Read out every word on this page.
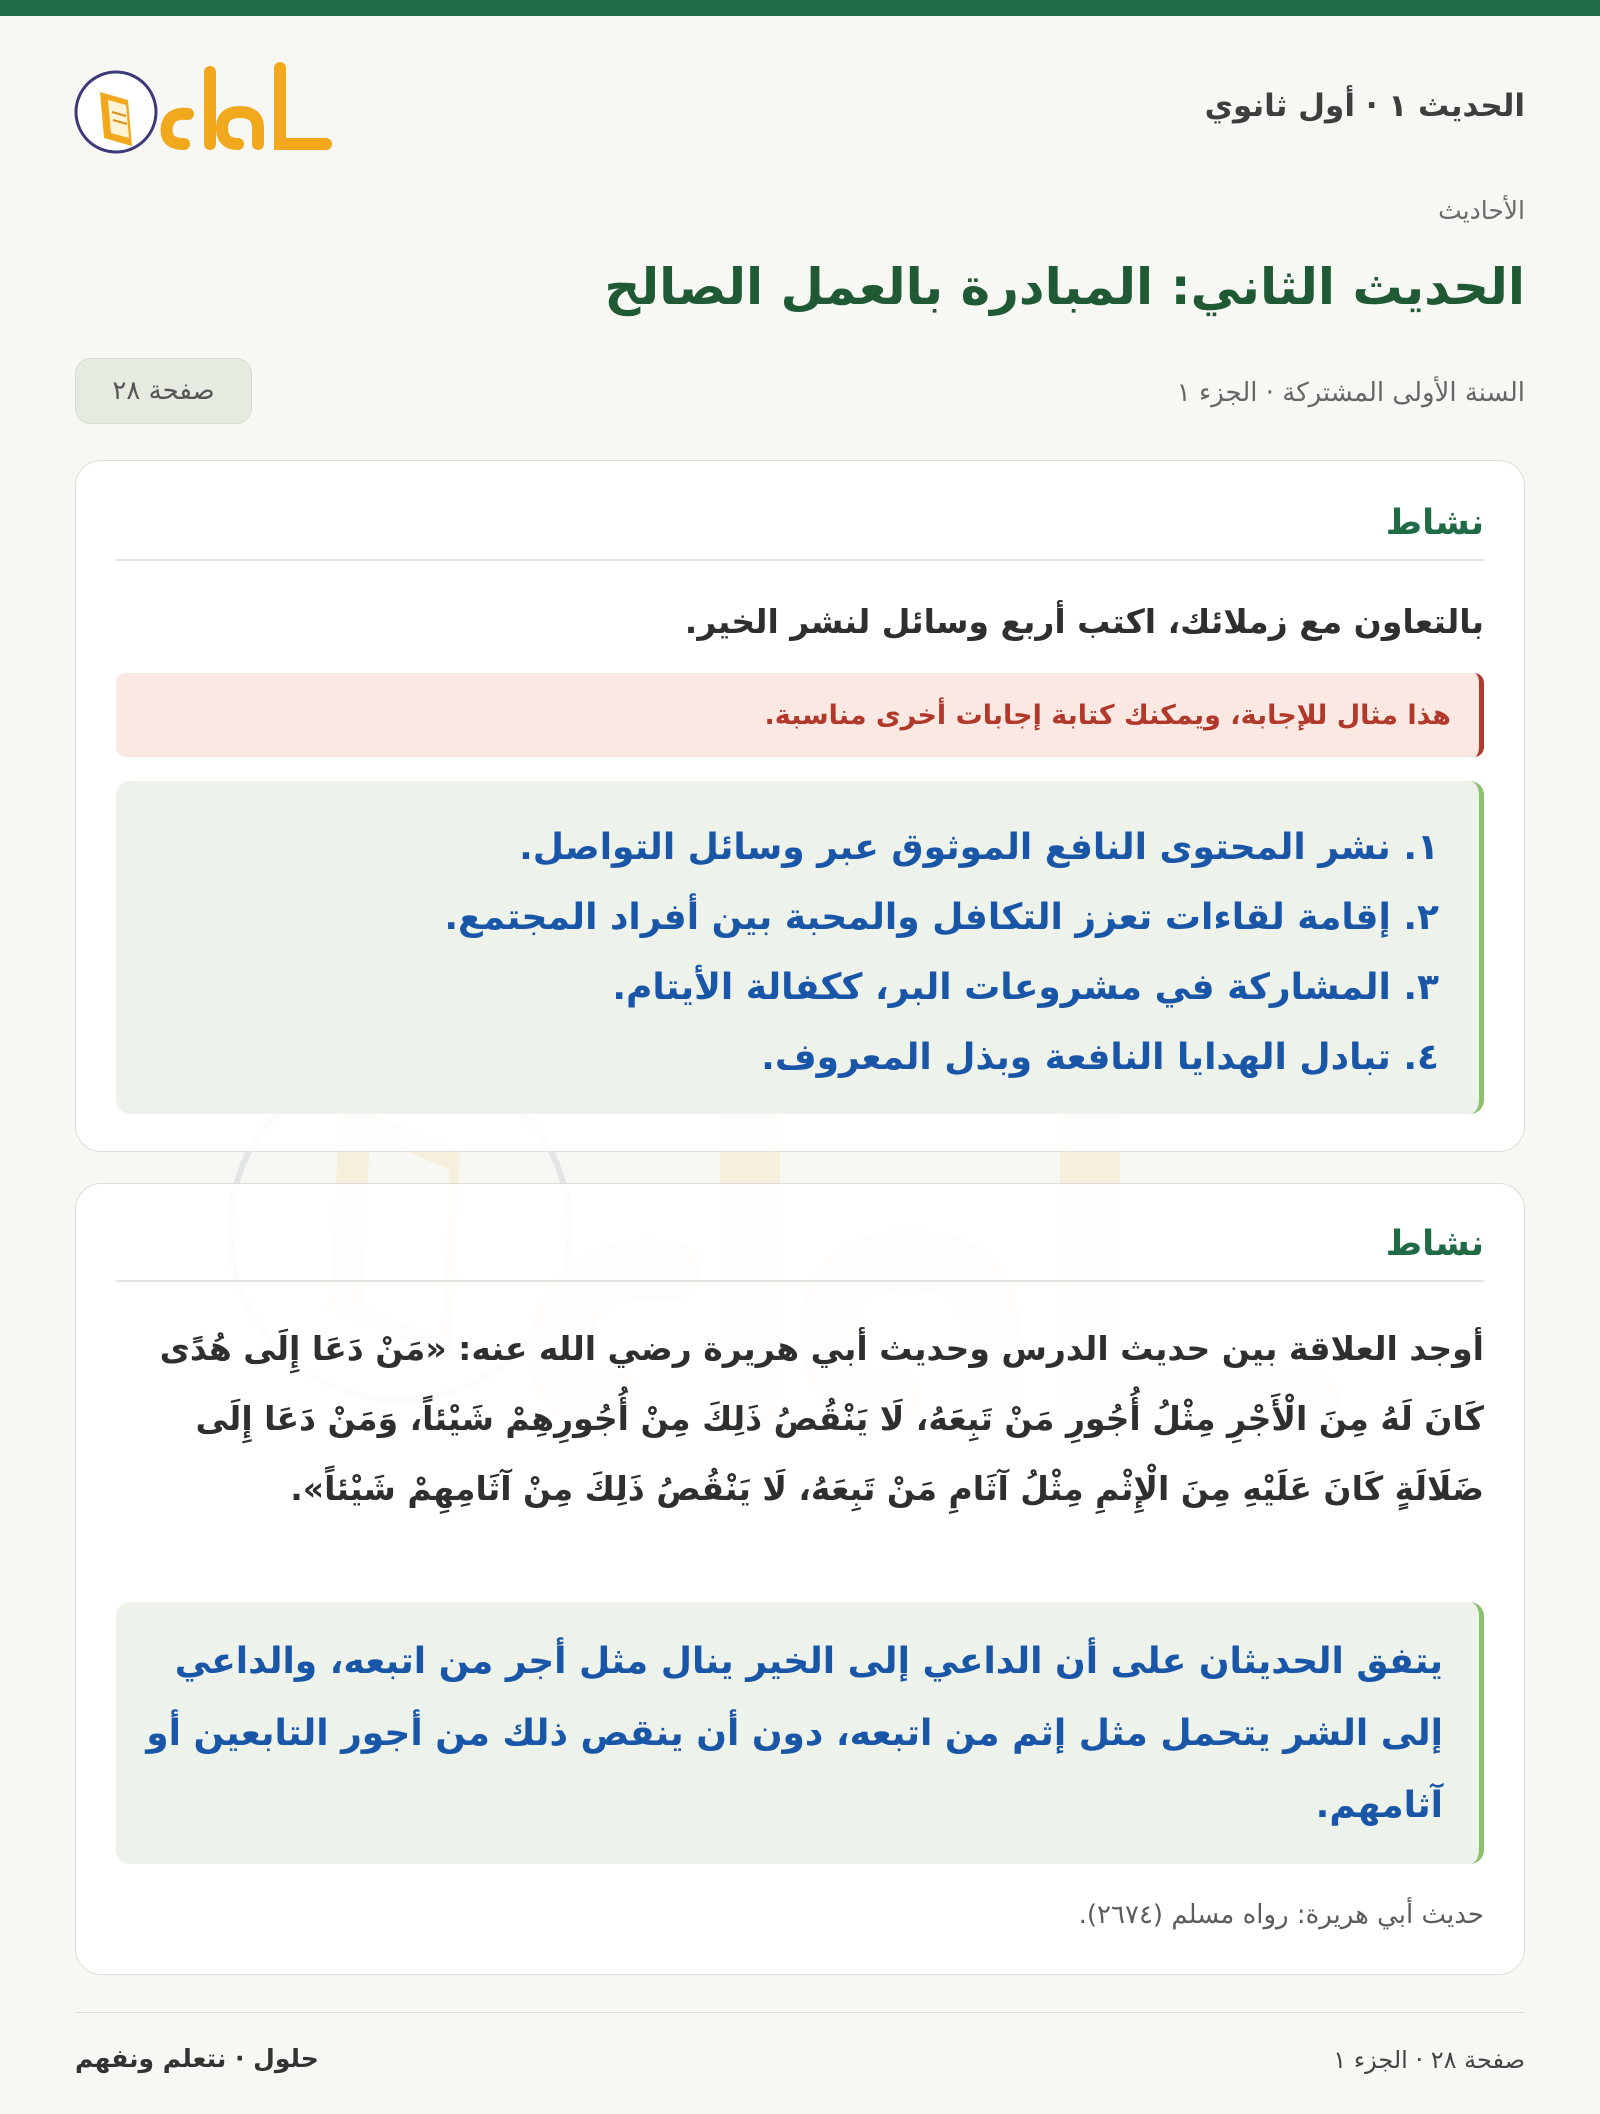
الحديث ١ · أول ثانوي
الأحاديث
الحديث الثاني: المبادرة بالعمل الصالح
السنة الأولى المشتركة · الجزء ١
صفحة ٢٨
نشاط
بالتعاون مع زملائك، اكتب أربع وسائل لنشر الخير.
هذا مثال للإجابة، ويمكنك كتابة إجابات أخرى مناسبة.
١. نشر المحتوى النافع الموثوق عبر وسائل التواصل.
٢. إقامة لقاءات تعزز التكافل والمحبة بين أفراد المجتمع.
٣. المشاركة في مشروعات البر، ككفالة الأيتام.
٤. تبادل الهدايا النافعة وبذل المعروف.
نشاط
أوجد العلاقة بين حديث الدرس وحديث أبي هريرة رضي الله عنه: «مَنْ دَعَا إِلَى هُدًى كَانَ لَهُ مِنَ الْأَجْرِ مِثْلُ أُجُورِ مَنْ تَبِعَهُ، لَا يَنْقُصُ ذَلِكَ مِنْ أُجُورِهِمْ شَيْئاً، وَمَنْ دَعَا إِلَى ضَلَالَةٍ كَانَ عَلَيْهِ مِنَ الْإِثْمِ مِثْلُ آثَامِ مَنْ تَبِعَهُ، لَا يَنْقُصُ ذَلِكَ مِنْ آثَامِهِمْ شَيْئاً».
يتفق الحديثان على أن الداعي إلى الخير ينال مثل أجر من اتبعه، والداعي إلى الشر يتحمل مثل إثم من اتبعه، دون أن ينقص ذلك من أجور التابعين أو آثامهم.
حديث أبي هريرة: رواه مسلم (٢٦٧٤).
صفحة ٢٨ · الجزء ١
حلول · نتعلم ونفهم
